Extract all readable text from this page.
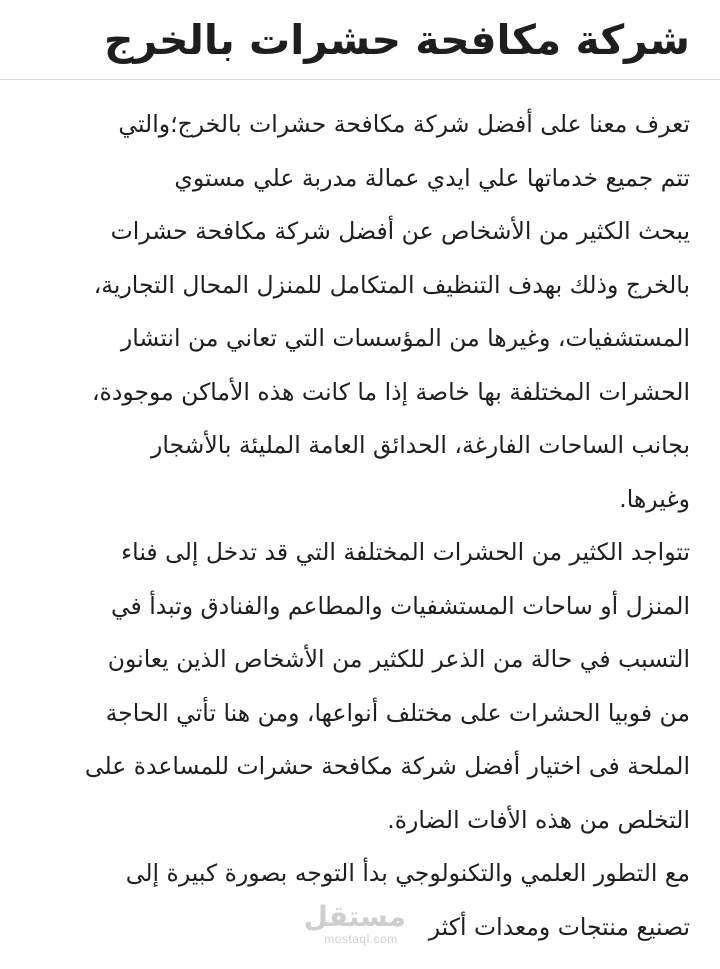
شركة مكافحة حشرات بالخرج
تعرف معنا على أفضل شركة مكافحة حشرات بالخرج؛والتي
تتم جميع خدماتها علي ايدي عمالة مدربة علي مستوي
يبحث الكثير من الأشخاص عن أفضل شركة مكافحة حشرات
بالخرج وذلك بهدف التنظيف المتكامل للمنزل المحال التجارية،
المستشفيات، وغيرها من المؤسسات التي تعاني من انتشار
الحشرات المختلفة بها خاصة إذا ما كانت هذه الأماكن موجودة،
بجانب الساحات الفارغة، الحدائق العامة المليئة بالأشجار
وغيرها.
تتواجد الكثير من الحشرات المختلفة التي قد تدخل إلى فناء
المنزل أو ساحات المستشفيات والمطاعم والفنادق وتبدأ في
التسبب في حالة من الذعر للكثير من الأشخاص الذين يعانون
من فوبيا الحشرات على مختلف أنواعها، ومن هنا تأتي الحاجة
الملحة فى اختيار أفضل شركة مكافحة حشرات للمساعدة على
التخلص من هذه الأفات الضارة.
مع التطور العلمي والتكنولوجي بدأ التوجه بصورة كبيرة إلى
تصنيع منتجات ومعدات أكثر
مستقل
mostaql.com
